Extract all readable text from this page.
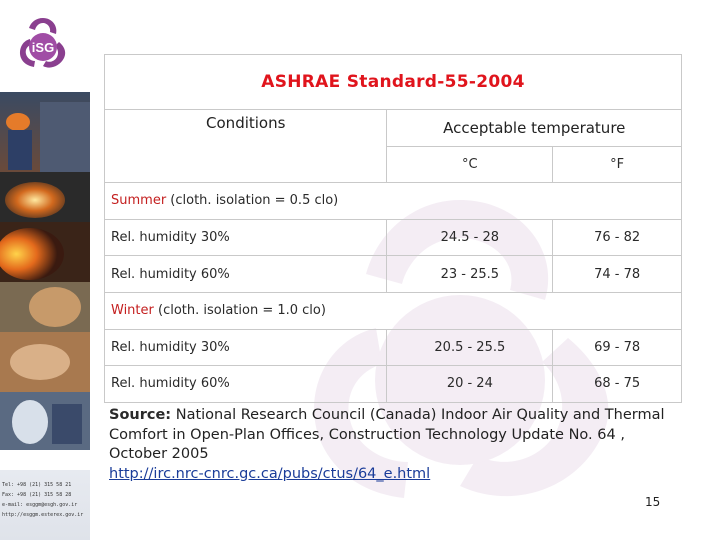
iSG
Tel: +98 (21) 315 58 21
Fax: +98 (21) 315 58 28
e-mail: esggm@esgh.gov.ir
http://esggm.esterex.gov.ir
ASHRAE Standard-55-2004		
Conditions	Acceptable temperature	
	°C	°F
Summer (cloth. isolation = 0.5 clo)		
Rel. humidity 30%	24.5 - 28	76 - 82
Rel. humidity 60%	23 - 25.5	74 - 78
Winter (cloth. isolation = 1.0 clo)		
Rel. humidity 30%	20.5 - 25.5	69 - 78
Rel. humidity 60%	20 - 24	68 - 75
Source: National Research Council (Canada) Indoor Air Quality and Thermal Comfort in Open-Plan Offices, Construction Technology Update No. 64 , October 2005
http://irc.nrc-cnrc.gc.ca/pubs/ctus/64_e.html
15
